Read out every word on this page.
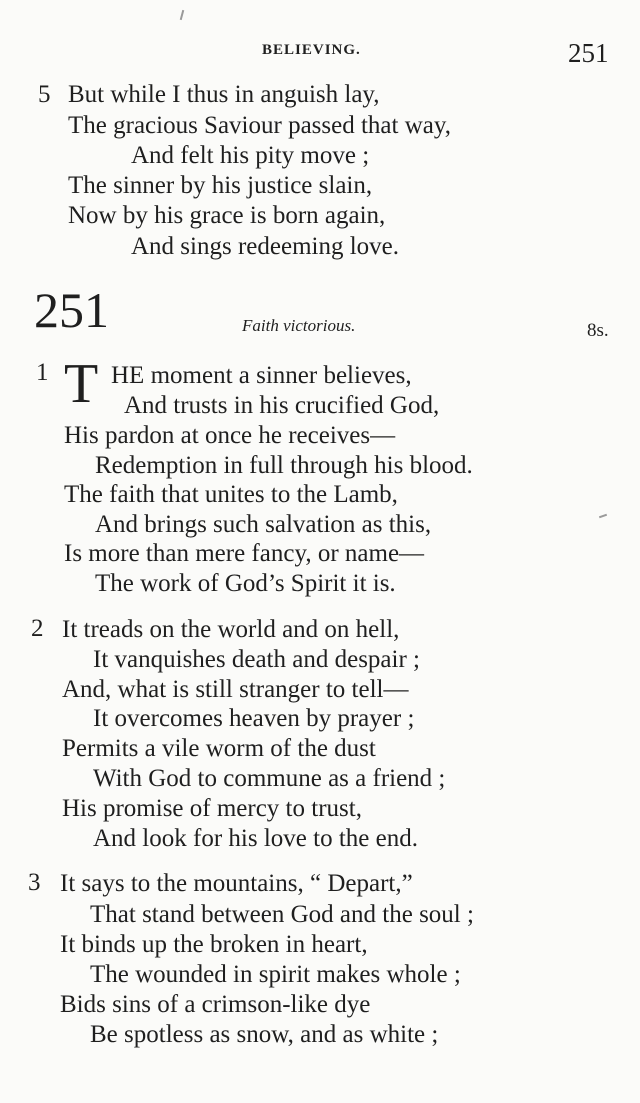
BELIEVING.	251
5 But while I thus in anguish lay,
The gracious Saviour passed that way,
And felt his pity move ;
The sinner by his justice slain,
Now by his grace is born again,
And sings redeeming love.
251	Faith victorious.	8s.
1 T HE moment a sinner believes,
And trusts in his crucified God,
His pardon at once he receives—
Redemption in full through his blood.
The faith that unites to the Lamb,
And brings such salvation as this,
Is more than mere fancy, or name—
The work of God’s Spirit it is.
2 It treads on the world and on hell,
It vanquishes death and despair ;
And, what is still stranger to tell—
It overcomes heaven by prayer ;
Permits a vile worm of the dust
With God to commune as a friend ;
His promise of mercy to trust,
And look for his love to the end.
3 It says to the mountains, “ Depart,”
That stand between God and the soul ;
It binds up the broken in heart,
The wounded in spirit makes whole ;
Bids sins of a crimson-like dye
Be spotless as snow, and as white ;
